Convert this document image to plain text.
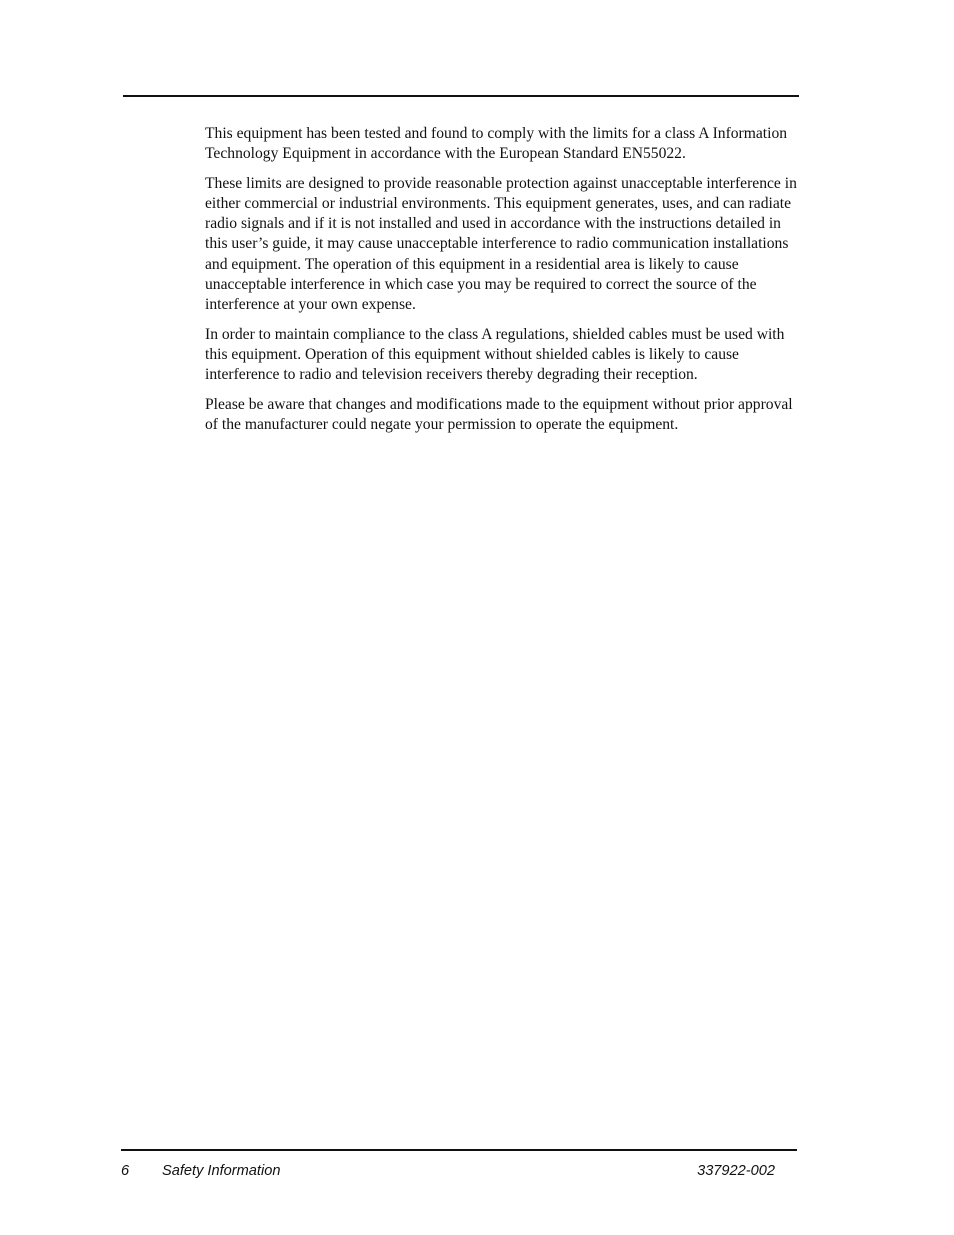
This equipment has been tested and found to comply with the limits for a class A Information Technology Equipment in accordance with the European Standard EN55022.

These limits are designed to provide reasonable protection against unacceptable interference in either commercial or industrial environments. This equipment generates, uses, and can radiate radio signals and if it is not installed and used in accordance with the instructions detailed in this user’s guide, it may cause unacceptable interference to radio communication installations and equipment. The operation of this equipment in a residential area is likely to cause unacceptable interference in which case you may be required to correct the source of the interference at your own expense.

In order to maintain compliance to the class A regulations, shielded cables must be used with this equipment. Operation of this equipment without shielded cables is likely to cause interference to radio and television receivers thereby degrading their reception.

Please be aware that changes and modifications made to the equipment without prior approval of the manufacturer could negate your permission to operate the equipment.

6 Safety Information	337922-002
